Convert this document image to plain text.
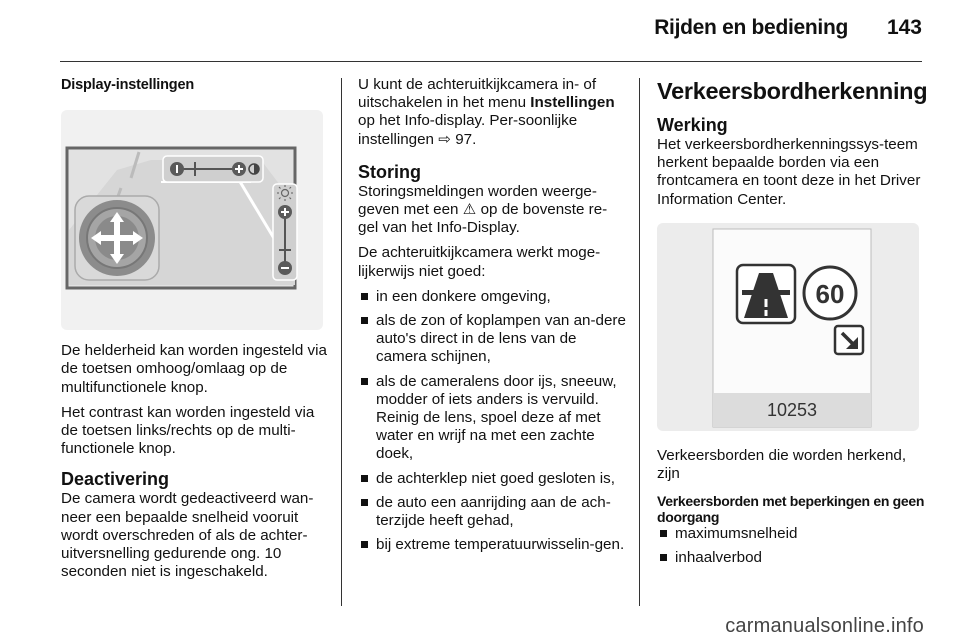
Rijden en bediening 143
Display-instellingen

De helderheid kan worden ingesteld via de toetsen omhoog/omlaag op de multifunctionele knop.

Het contrast kan worden ingesteld via de toetsen links/rechts op de multi-functionele knop.

Deactivering

De camera wordt gedeactiveerd wan-neer een bepaalde snelheid vooruit wordt overschreden of als de achter-uitversnelling gedurende ong. 10 seconden niet is ingeschakeld.

U kunt de achteruitkijkcamera in- of uitschakelen in het menu Instellingen op het Info-display. Per-soonlijke instellingen ⇨ 97.

Storing

Storingsmeldingen worden weerge-geven met een ⚠ op de bovenste re-gel van het Info-Display.

De achteruitkijkcamera werkt moge-lijkerwijs niet goed:

in een donkere omgeving,
als de zon of koplampen van an-dere auto's direct in de lens van de camera schijnen,
als de cameralens door ijs, sneeuw, modder of iets anders is vervuild. Reinig de lens, spoel deze af met water en wrijf na met een zachte doek,
de achterklep niet goed gesloten is,
de auto een aanrijding aan de ach-terzijde heeft gehad,
bij extreme temperatuurwisselin-gen.
Verkeersbordherkenning
Werking

Het verkeersbordherkenningssys-teem herkent bepaalde borden via een frontcamera en toont deze in het Driver Information Center.

60
10253

Verkeersborden die worden herkend, zijn

Verkeersborden met beperkingen en geen doorgang
maximumsnelheid
inhaalverbod
carmanualsonline.info
